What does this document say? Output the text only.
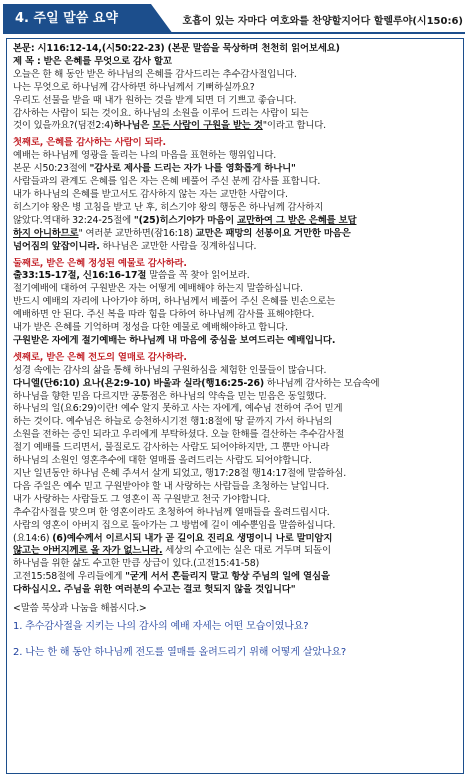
4. 주일 말씀 요약	호흡이 있는 자마다 여호와를 찬양할지어다 할렐루야(시150:6)

본문: 시116:12-14,(시50:22-23) (본문 말씀을 묵상하며 천천히 읽어보세요)

제 목 : 받은 은혜를 무엇으로 감사 할꼬

오늘은 한 해 동안 받은 하나님의 은혜를 감사드리는 추수감사절입니다.

나는 무엇으로 하나님께 감사하면 하나님께서 기뻐하실까요?

우리도 선물을 받을 때 내가 원하는 것을 받게 되면 더 기쁘고 좋습니다.

감사하는 사람이 되는 것이요. 하나님의 소원을 이루어 드리는 사람이 되는

것이 있을까요?(딤전2:4)하나님은 모든 사람이 구원을 받는 것"이라고 합니다.

첫째로, 은혜를 감사하는 사람이 되라.

예배는 하나님께 영광을 돌리는 나의 마음을 표현하는 행위입니다.

본문 시50:23절에 "감사로 제사를 드리는 자가 나를 영화롭게 하나니"

사람들과의 관계도 은혜를 입은 자는 은혜 베풀어 주신 분께 감사를 표합니다.

내가 하나님의 은혜를 받고서도 감사하지 않는 자는 교만한 사람이다.

히스기야 왕은 병 고침을 받고 난 후, 히스기야 왕의 행동은 하나님께 감사하지

않았다.역대하 32:24-25절에 "(25)히스기야가 마음이 교만하여 그 받은 은혜를 보답

하지 아니하므로" 여러분 교만하면(잠16:18) 교만은 패망의 선봉이요 거만한 마음은

넘어짐의 앞잡이니라. 하나님은 교만한 사람을 징계하십니다.

둘째로, 받은 은혜 정성된 예물로 감사하라.

출33:15-17절, 신16:16-17절 말씀을 꼭 찾아 읽어보라.

절기예배에 대하여 구원받은 자는 어떻게 예배해야 하는지 말씀하십니다.

반드시 예배의 자리에 나아가야 하며, 하나님께서 베풀어 주신 은혜를 빈손으로는

예배하면 안 된다. 주신 복을 따라 힘을 다하여 하나님께 감사를 표해야한다.

내가 받은 은혜를 기억하며 정성을 다한 예물로 예배해야하고 합니다.

구원받은 자에게 절기예배는 하나님께 내 마음에 중심을 보여드리는 예배입니다.

셋째로, 받은 은혜 전도의 열매로 감사하라.

성경 속에는 감사의 삶을 통해 하나님의 구원하심을 체험한 인물들이 많습니다.

다니엘(단6:10) 요나(욘2:9-10) 바울과 실라(행16:25-26) 하나님께 감사하는 모습속에

하나님을 향한 믿음 다르지만 공통점은 하나님의 약속을 믿는 믿음은 동일했다.

하나님의 일(요6:29)이란! 예수 알지 못하고 사는 자에게, 예수님 전하여 주어 믿게

하는 것이다. 예수님은 하늘로 승천하시기전 행1:8절에 땅 끝까지 가서 하나님의

소원을 전하는 증인 되라고 우리에게 부탁하셨다. 오늘 한해를 결산하는 추수감사절

절기 예배를 드리면서, 물질로도 감사하는 사람도 되어야하지만, 그 뿐만 아니라

하나님의 소원인 영혼추수에 대한 열매를 올려드리는 사람도 되어야합니다.

지난 일년동안 하나님 은혜 주셔서 살게 되었고, 행17:28절 행14:17절에 말씀하심.

다음 주일은 예수 믿고 구원받아야 할 내 사랑하는 사람들을 초청하는 날입니다.

내가 사랑하는 사람들도 그 영혼이 꼭 구원받고 천국 가야합니다.

추수감사절을 맞으며 한 영혼이라도 초청하여 하나님께 열매들을 올려드립시다.

사람의 영혼이 아버지 집으로 돌아가는 그 방법에 길이 예수뿐임을 말씀하십니다.

(요14:6) (6)예수께서 이르시되 내가 곧 길이요 진리요 생명이니 나로 말미암지

않고는 아버지께로 올 자가 없느니라. 세상의 수고에는 실은 대로 거두며 되돌이

하나님을 위한 삶도 수고한 만큼 상급이 있다.(고전15:41-58)

고전15:58절에 우리들에게 "굳게 서서 흔들리지 말고 항상 주님의 일에 열심을

다하십시오. 주님을 위한 여러분의 수고는 결코 헛되지 않을 것입니다"

<말씀 묵상과 나눔을 해봅시다.>

1. 추수감사절을 지키는 나의 감사의 예배 자세는 어떤 모습이였나요?

2. 나는 한 해 동안 하나님께 전도를 열매를 올려드리기 위해 어떻게 살았나요?
